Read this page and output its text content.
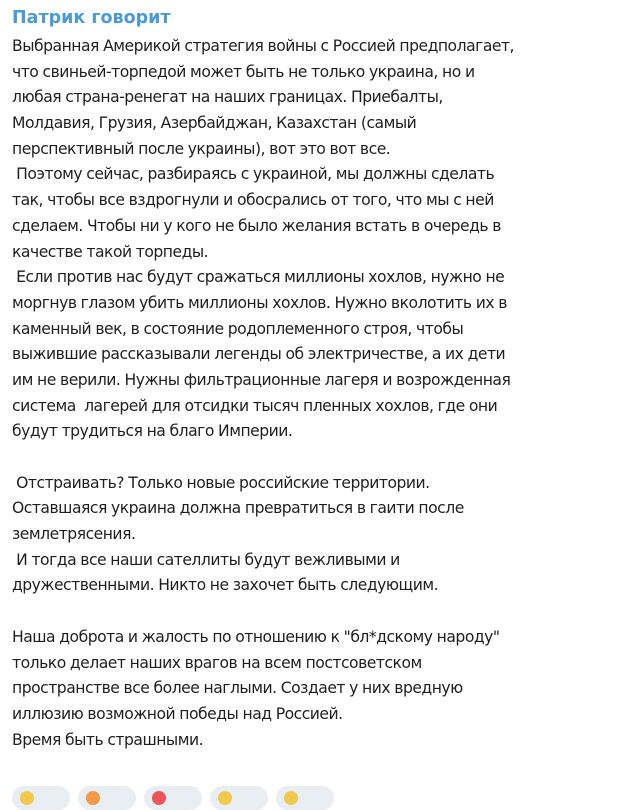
Патрик говорит
Выбранная Америкой стратегия войны с Россией предполагает,
что свиньей-торпедой может быть не только украина, но и
любая страна-ренегат на наших границах. Приебалты,
Молдавия, Грузия, Азербайджан, Казахстан (самый
перспективный после украины), вот это вот все.
Поэтому сейчас, разбираясь с украиной, мы должны сделать
так, чтобы все вздрогнули и обосрались от того, что мы с ней
сделаем. Чтобы ни у кого не было желания встать в очередь в
качестве такой торпеды.
Если против нас будут сражаться миллионы хохлов, нужно не
моргнув глазом убить миллионы хохлов. Нужно вколотить их в
каменный век, в состояние родоплеменного строя, чтобы
выжившие рассказывали легенды об электричестве, а их дети
им не верили. Нужны фильтрационные лагеря и возрожденная
система  лагерей для отсидки тысяч пленных хохлов, где они
будут трудиться на благо Империи.
Отстраивать? Только новые российские территории.
Оставшаяся украина должна превратиться в гаити после
землетрясения.
И тогда все наши сателлиты будут вежливыми и
дружественными. Никто не захочет быть следующим.
Наша доброта и жалость по отношению к "бл*дскому народу"
только делает наших врагов на всем постсоветском
пространстве все более наглыми. Создает у них вредную
иллюзию возможной победы над Россией.
Время быть страшными.
